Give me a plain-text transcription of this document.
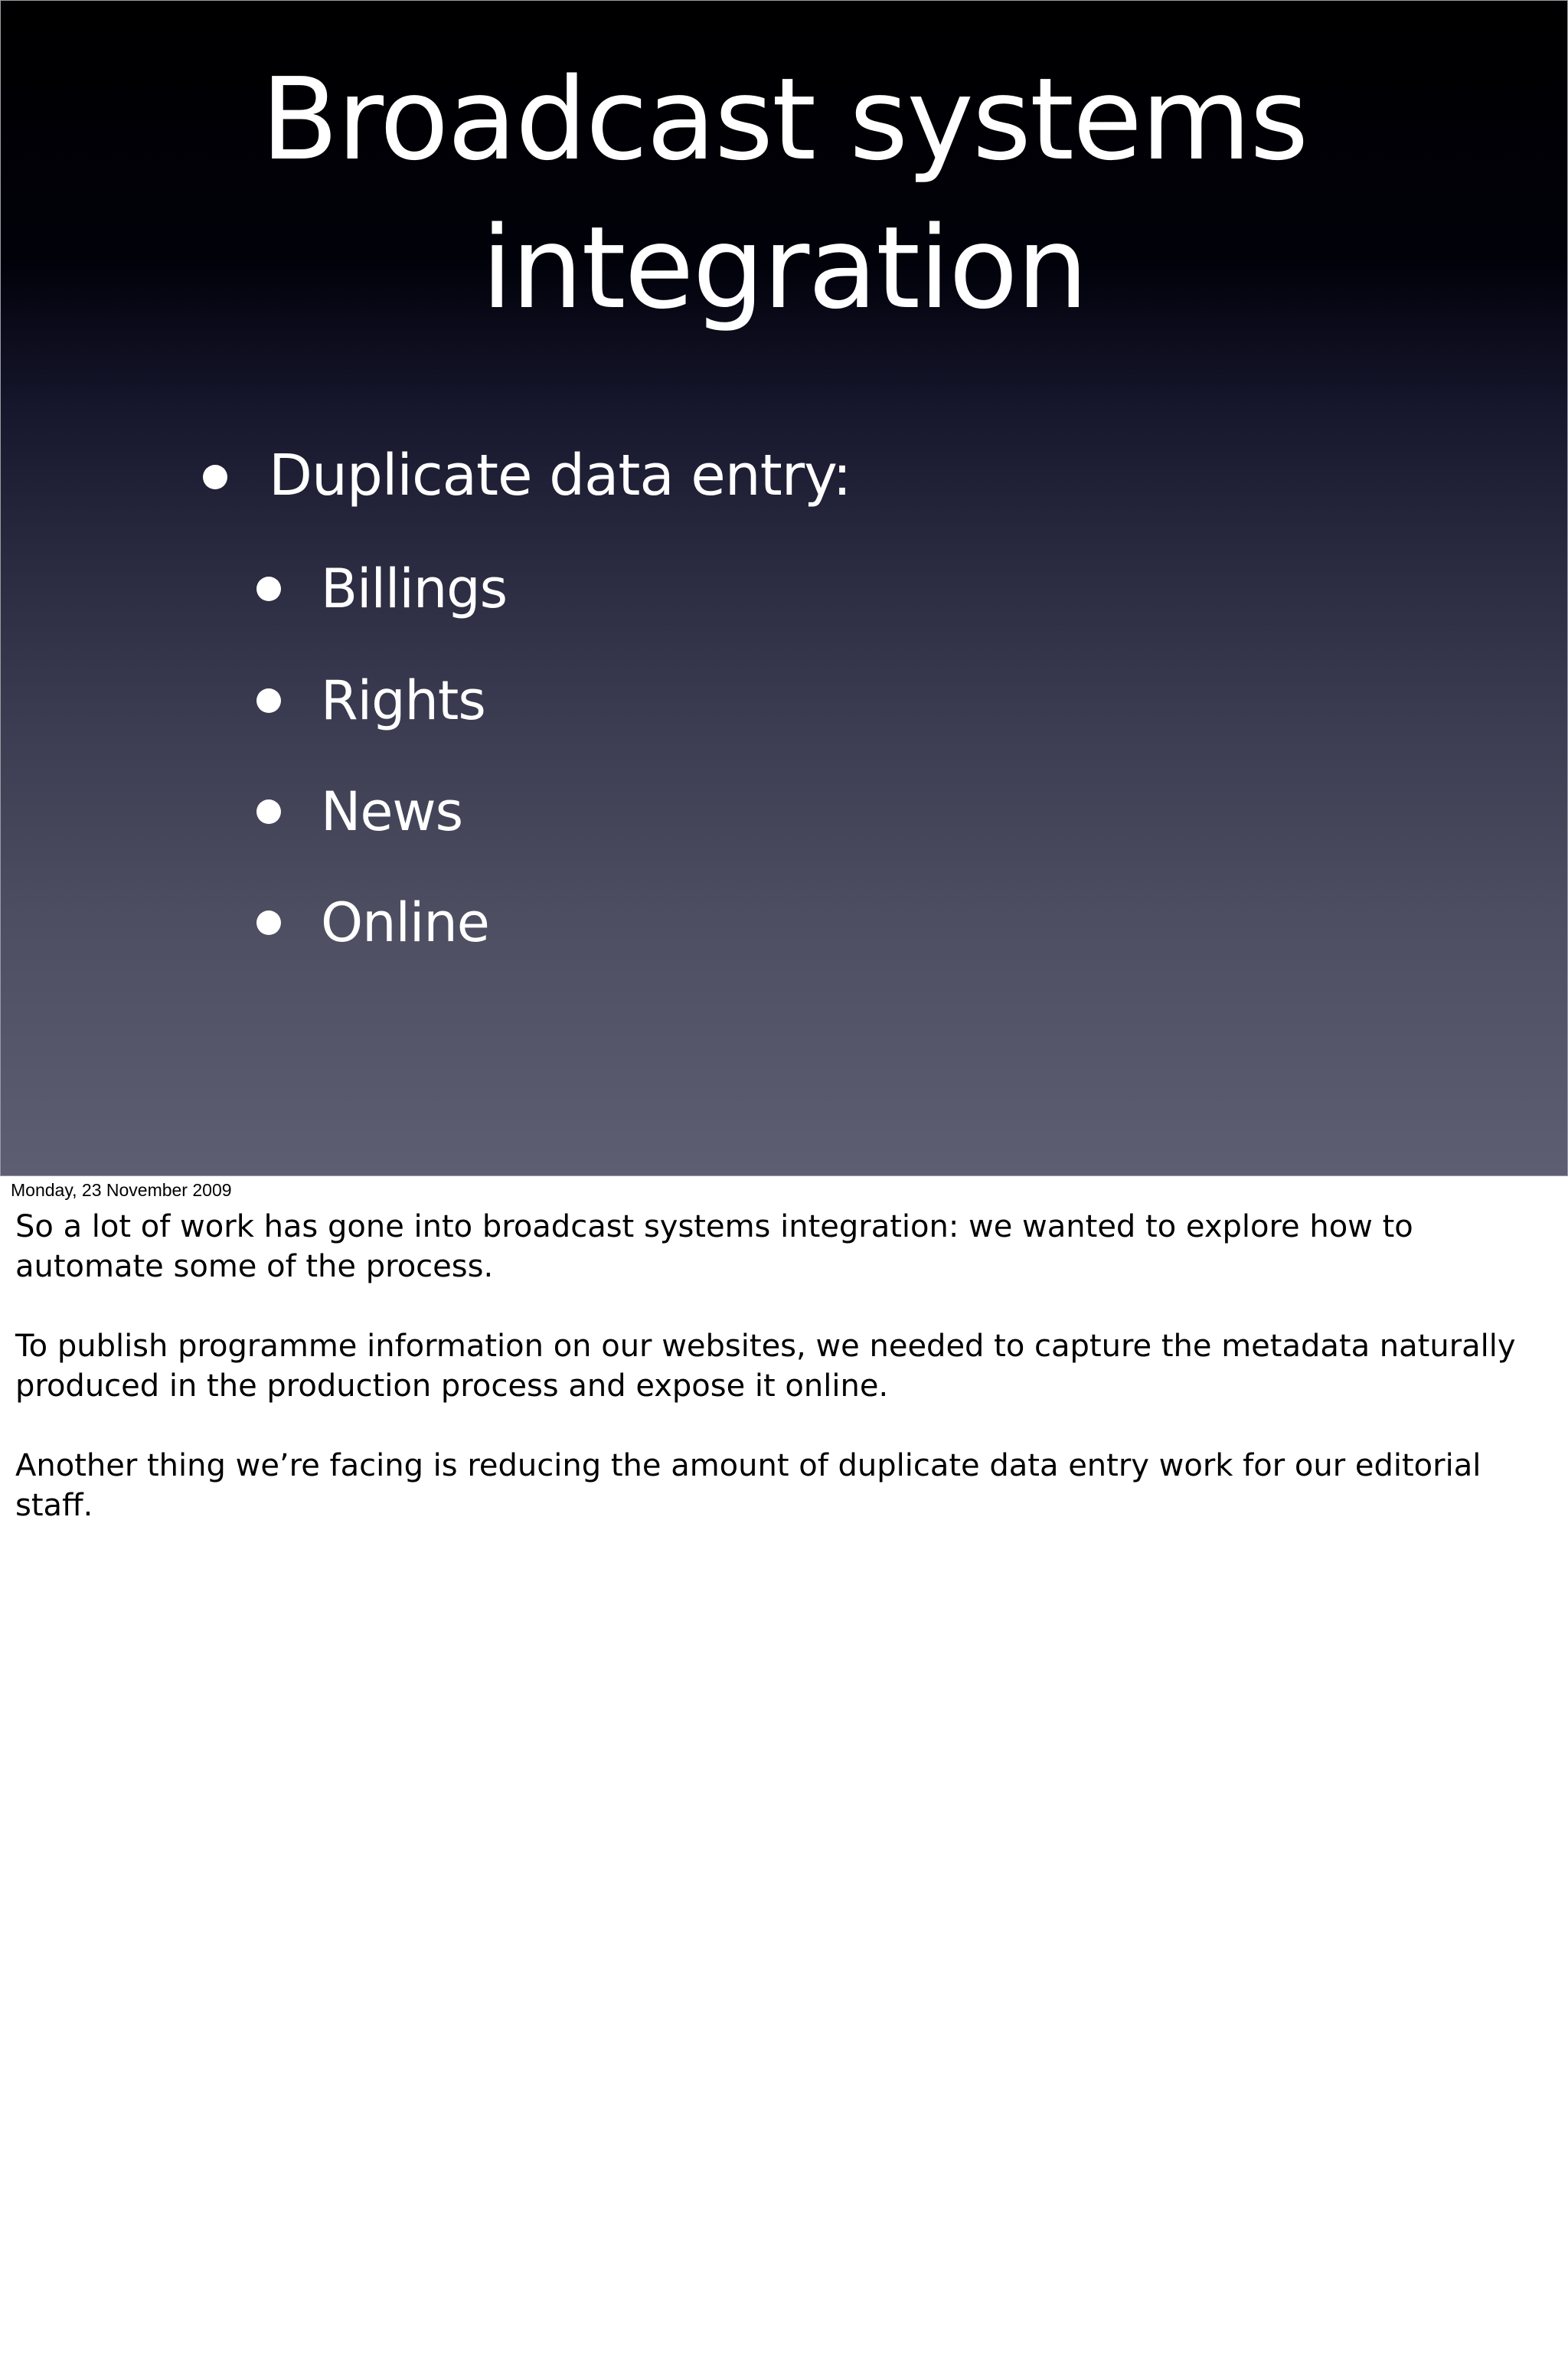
Broadcast systems
integration
Duplicate data entry:
Billings
Rights
News
Online
Monday, 23 November 2009

So a lot of work has gone into broadcast systems integration: we wanted to explore how to automate some of the process.

To publish programme information on our websites, we needed to capture the metadata naturally produced in the production process and expose it online.

Another thing we’re facing is reducing the amount of duplicate data entry work for our editorial staff.
